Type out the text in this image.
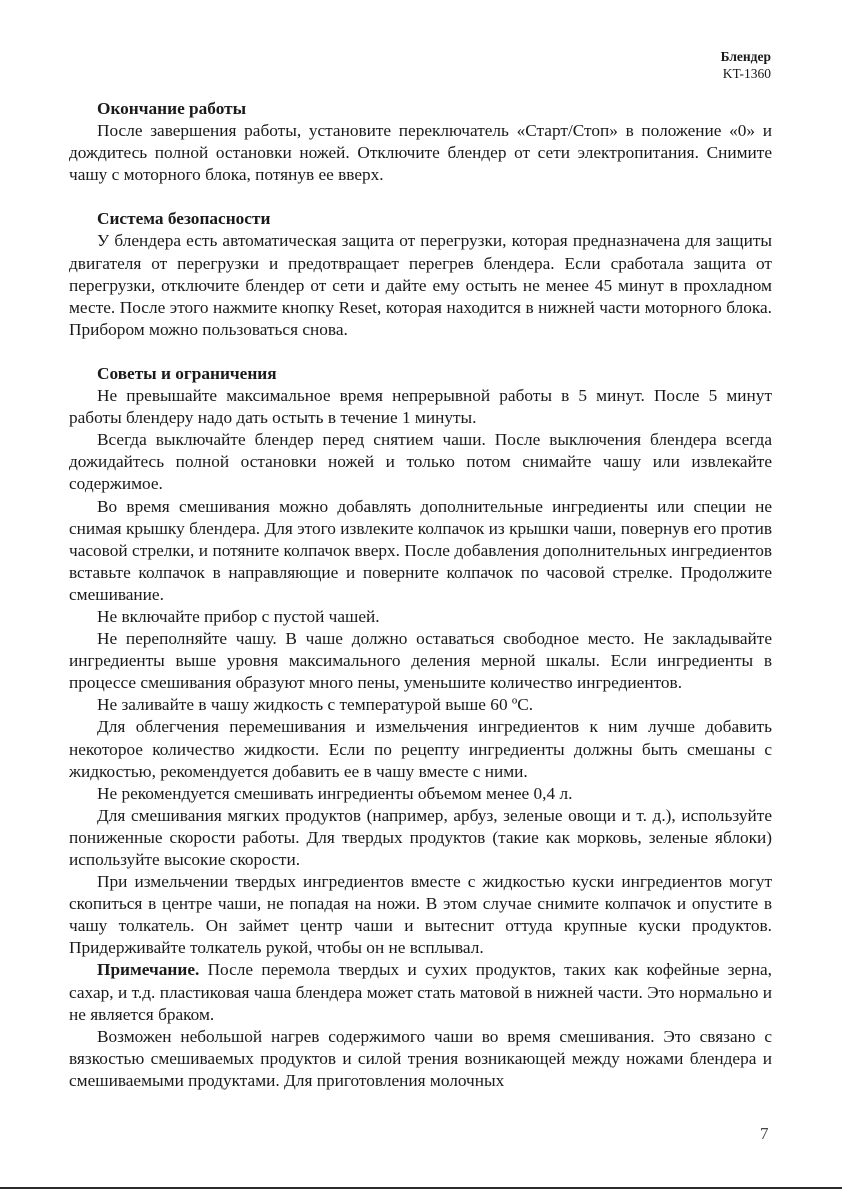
Блендер
KT-1360
Окончание работы

После завершения работы, установите переключатель «Старт/Стоп» в положение «0» и дождитесь полной остановки ножей. Отключите блендер от сети электропитания. Снимите чашу с моторного блока, потянув ее вверх.

Система безопасности

У блендера есть автоматическая защита от перегрузки, которая предназначена для защиты двигателя от перегрузки и предотвращает перегрев блендера. Если сработала защита от перегрузки, отключите блендер от сети и дайте ему остыть не менее 45 минут в прохладном месте. После этого нажмите кнопку Reset, которая находится в нижней части моторного блока. Прибором можно пользоваться снова.

Советы и ограничения

Не превышайте максимальное время непрерывной работы в 5 минут. После 5 минут работы блендеру надо дать остыть в течение 1 минуты.

Всегда выключайте блендер перед снятием чаши. После выключения блендера всегда дожидайтесь полной остановки ножей и только потом снимайте чашу или извлекайте содержимое.

Во время смешивания можно добавлять дополнительные ингредиенты или специи не снимая крышку блендера. Для этого извлеките колпачок из крышки чаши, повернув его против часовой стрелки, и потяните колпачок вверх. После добавления дополнительных ингредиентов вставьте колпачок в направляющие и поверните колпачок по часовой стрелке. Продолжите смешивание.

Не включайте прибор с пустой чашей.

Не переполняйте чашу. В чаше должно оставаться свободное место. Не закладывайте ингредиенты выше уровня максимального деления мерной шкалы. Если ингредиенты в процессе смешивания образуют много пены, уменьшите количество ингредиентов.

Не заливайте в чашу жидкость с температурой выше 60 ºС.

Для облегчения перемешивания и измельчения ингредиентов к ним лучше добавить некоторое количество жидкости. Если по рецепту ингредиенты должны быть смешаны с жидкостью, рекомендуется добавить ее в чашу вместе с ними.

Не рекомендуется смешивать ингредиенты объемом менее 0,4 л.

Для смешивания мягких продуктов (например, арбуз, зеленые овощи и т. д.), используйте пониженные скорости работы. Для твердых продуктов (такие как морковь, зеленые яблоки) используйте высокие скорости.

При измельчении твердых ингредиентов вместе с жидкостью куски ингредиентов могут скопиться в центре чаши, не попадая на ножи. В этом случае снимите колпачок и опустите в чашу толкатель. Он займет центр чаши и вытеснит оттуда крупные куски продуктов. Придерживайте толкатель рукой, чтобы он не всплывал.

Примечание. После перемола твердых и сухих продуктов, таких как кофейные зерна, сахар, и т.д. пластиковая чаша блендера может стать матовой в нижней части. Это нормально и не является браком.

Возможен небольшой нагрев содержимого чаши во время смешивания. Это связано с вязкостью смешиваемых продуктов и силой трения возникающей между ножами блендера и смешиваемыми продуктами. Для приготовления молочных

7
